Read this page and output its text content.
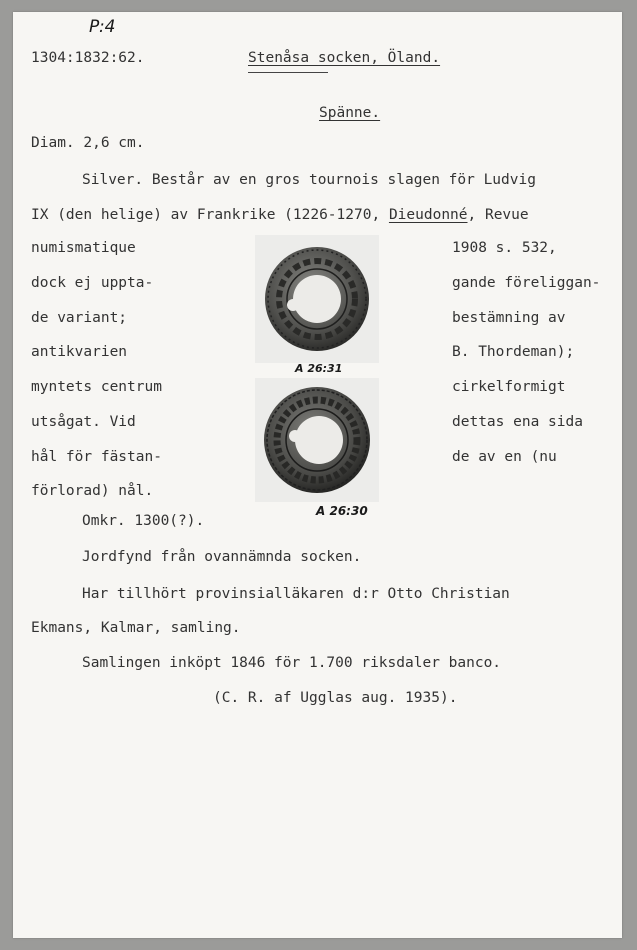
P:4
1304:1832:62.	Stenåsa socken, Öland.
Spänne.
Diam. 2,6 cm.
Silver. Består av en gros tournois slagen för Ludvig
IX (den helige) av Frankrike (1226-1270, Dieudonné, Revue
numismatique
dock ej uppta-
de variant;
antikvarien
myntets centrum
utsågat. Vid
hål för fästan-
förlorad) nål.
1908 s. 532,
gande föreliggan-
bestämning av
B. Thordeman);
cirkelformigt
dettas ena sida
de av en (nu
A 26:31
A 26:30
Omkr. 1300(?).
Jordfynd från ovannämnda socken.
Har tillhört provinsialläkaren d:r Otto Christian
Ekmans, Kalmar, samling.
Samlingen inköpt 1846 för 1.700 riksdaler banco.
(C. R. af Ugglas aug. 1935).
